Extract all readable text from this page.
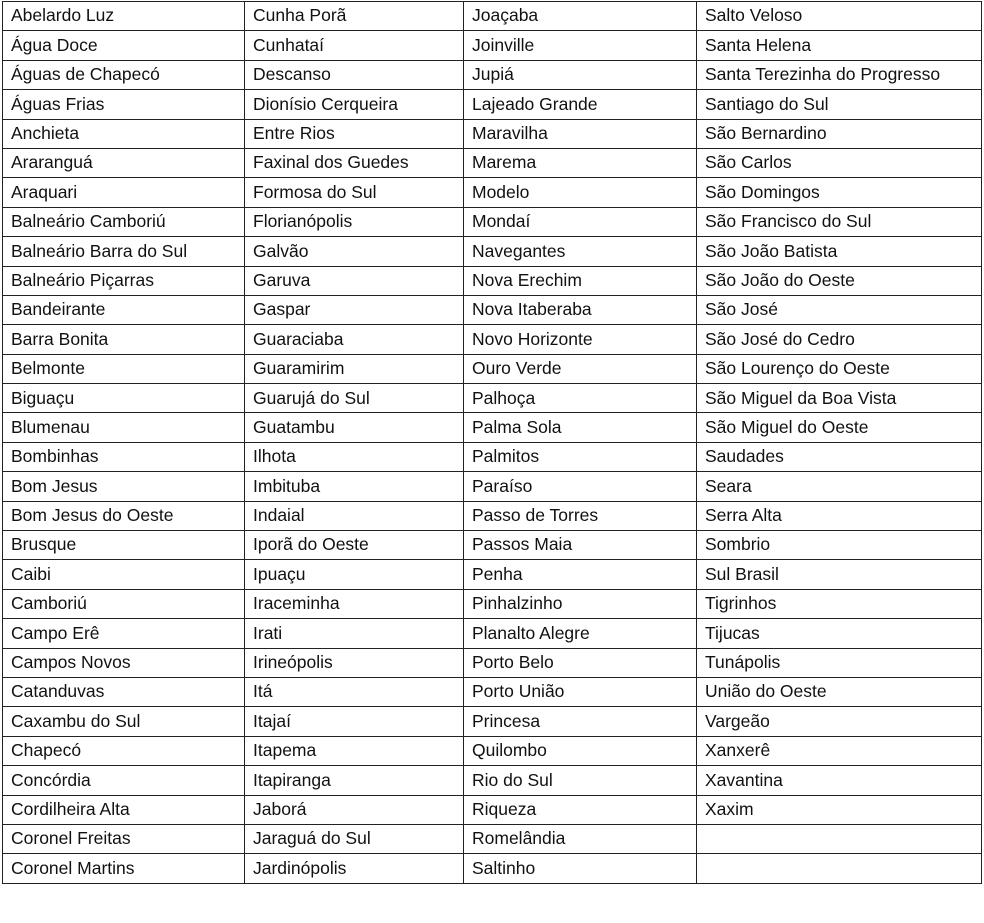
Abelardo Luz	Cunha Porã	Joaçaba	Salto Veloso
Água Doce	Cunhataí	Joinville	Santa Helena
Águas de Chapecó	Descanso	Jupiá	Santa Terezinha do Progresso
Águas Frias	Dionísio Cerqueira	Lajeado Grande	Santiago do Sul
Anchieta	Entre Rios	Maravilha	São Bernardino
Araranguá	Faxinal dos Guedes	Marema	São Carlos
Araquari	Formosa do Sul	Modelo	São Domingos
Balneário Camboriú	Florianópolis	Mondaí	São Francisco do Sul
Balneário Barra do Sul	Galvão	Navegantes	São João Batista
Balneário Piçarras	Garuva	Nova Erechim	São João do Oeste
Bandeirante	Gaspar	Nova Itaberaba	São José
Barra Bonita	Guaraciaba	Novo Horizonte	São José do Cedro
Belmonte	Guaramirim	Ouro Verde	São Lourenço do Oeste
Biguaçu	Guarujá do Sul	Palhoça	São Miguel da Boa Vista
Blumenau	Guatambu	Palma Sola	São Miguel do Oeste
Bombinhas	Ilhota	Palmitos	Saudades
Bom Jesus	Imbituba	Paraíso	Seara
Bom Jesus do Oeste	Indaial	Passo de Torres	Serra Alta
Brusque	Iporã do Oeste	Passos Maia	Sombrio
Caibi	Ipuaçu	Penha	Sul Brasil
Camboriú	Iraceminha	Pinhalzinho	Tigrinhos
Campo Erê	Irati	Planalto Alegre	Tijucas
Campos Novos	Irineópolis	Porto Belo	Tunápolis
Catanduvas	Itá	Porto União	União do Oeste
Caxambu do Sul	Itajaí	Princesa	Vargeão
Chapecó	Itapema	Quilombo	Xanxerê
Concórdia	Itapiranga	Rio do Sul	Xavantina
Cordilheira Alta	Jaborá	Riqueza	Xaxim
Coronel Freitas	Jaraguá do Sul	Romelândia	
Coronel Martins	Jardinópolis	Saltinho	
